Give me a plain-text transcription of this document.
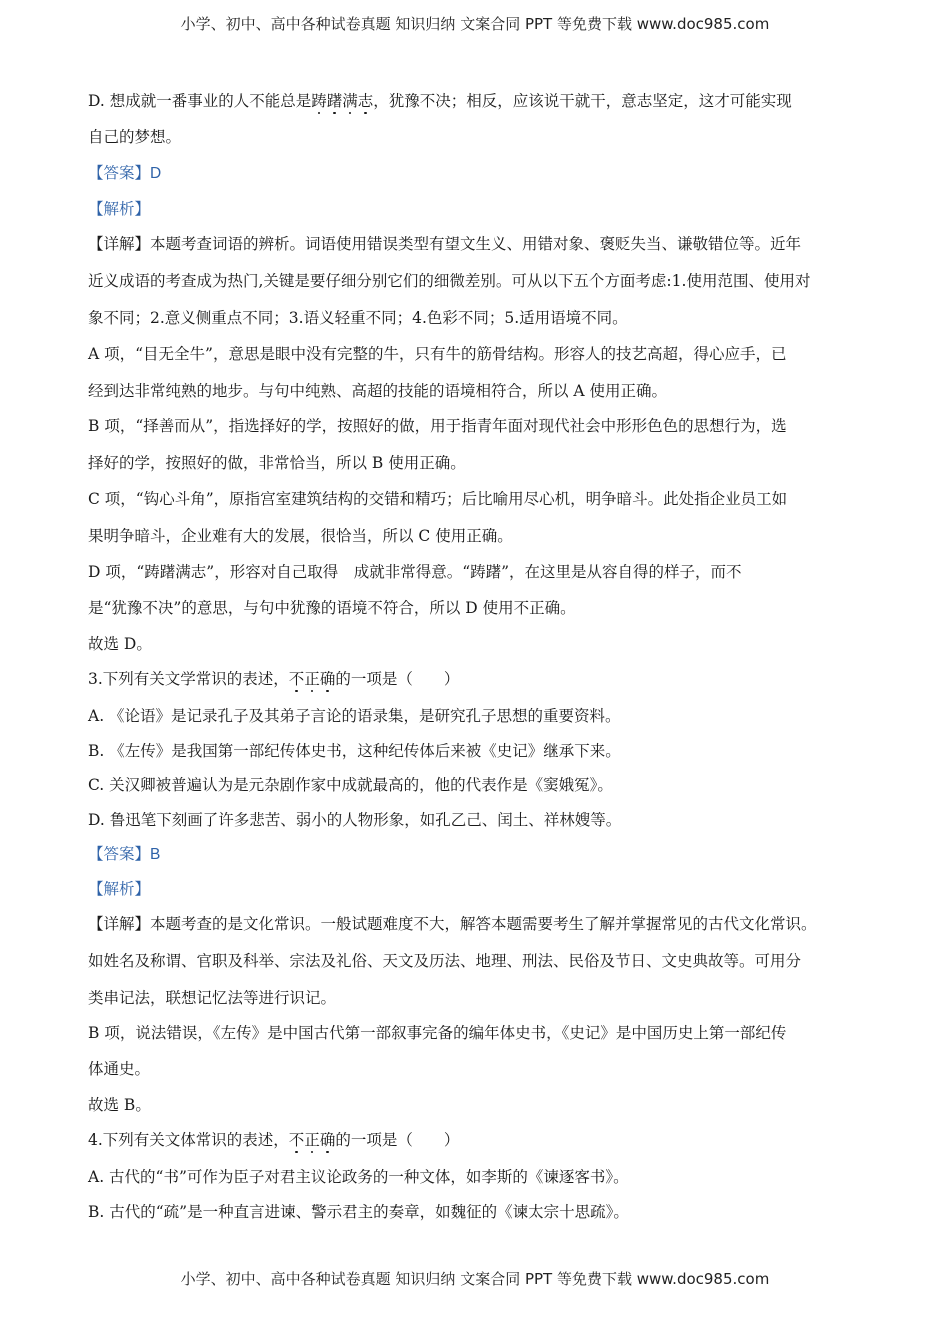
小学、初中、高中各种试卷真题 知识归纳 文案合同 PPT 等免费下载 www.doc985.com
D. 想成就一番事业的人不能总是踌躇满志，犹豫不决；相反，应该说干就干，意志坚定，这才可能实现
自己的梦想。
【答案】D
【解析】
【详解】本题考查词语的辨析。词语使用错误类型有望文生义、用错对象、褒贬失当、谦敬错位等。近年
近义成语的考查成为热门,关键是要仔细分别它们的细微差别。可从以下五个方面考虑:1.使用范围、使用对
象不同；2.意义侧重点不同；3.语义轻重不同；4.色彩不同；5.适用语境不同。
A 项，“目无全牛”，意思是眼中没有完整的牛，只有牛的筋骨结构。形容人的技艺高超，得心应手，已
经到达非常纯熟的地步。与句中纯熟、高超的技能的语境相符合，所以 A 使用正确。
B 项，“择善而从”，指选择好的学，按照好的做，用于指青年面对现代社会中形形色色的思想行为，选
择好的学，按照好的做，非常恰当，所以 B 使用正确。
C 项，“钩心斗角”，原指宫室建筑结构的交错和精巧；后比喻用尽心机，明争暗斗。此处指企业员工如
果明争暗斗，企业难有大的发展，很恰当，所以 C 使用正确。
D 项，“踌躇满志”，形容对自己取得　成就非常得意。“踌躇”，在这里是从容自得的样子，而不
是“犹豫不决”的意思，与句中犹豫的语境不符合，所以 D 使用不正确。
故选 D。
3.下列有关文学常识的表述，不正确的一项是（　　）
A. 《论语》是记录孔子及其弟子言论的语录集，是研究孔子思想的重要资料。
B. 《左传》是我国第一部纪传体史书，这种纪传体后来被《史记》继承下来。
C. 关汉卿被普遍认为是元杂剧作家中成就最高的，他的代表作是《窦娥冤》。
D. 鲁迅笔下刻画了许多悲苦、弱小的人物形象，如孔乙己、闰土、祥林嫂等。
【答案】B
【解析】
【详解】本题考查的是文化常识。一般试题难度不大，解答本题需要考生了解并掌握常见的古代文化常识。
如姓名及称谓、官职及科举、宗法及礼俗、天文及历法、地理、刑法、民俗及节日、文史典故等。可用分
类串记法，联想记忆法等进行识记。
B 项，说法错误，《左传》是中国古代第一部叙事完备的编年体史书，《史记》是中国历史上第一部纪传
体通史。
故选 B。
4.下列有关文体常识的表述，不正确的一项是（　　）
A. 古代的“书”可作为臣子对君主议论政务的一种文体，如李斯的《谏逐客书》。
B. 古代的“疏”是一种直言进谏、警示君主的奏章，如魏征的《谏太宗十思疏》。
小学、初中、高中各种试卷真题 知识归纳 文案合同 PPT 等免费下载 www.doc985.com
